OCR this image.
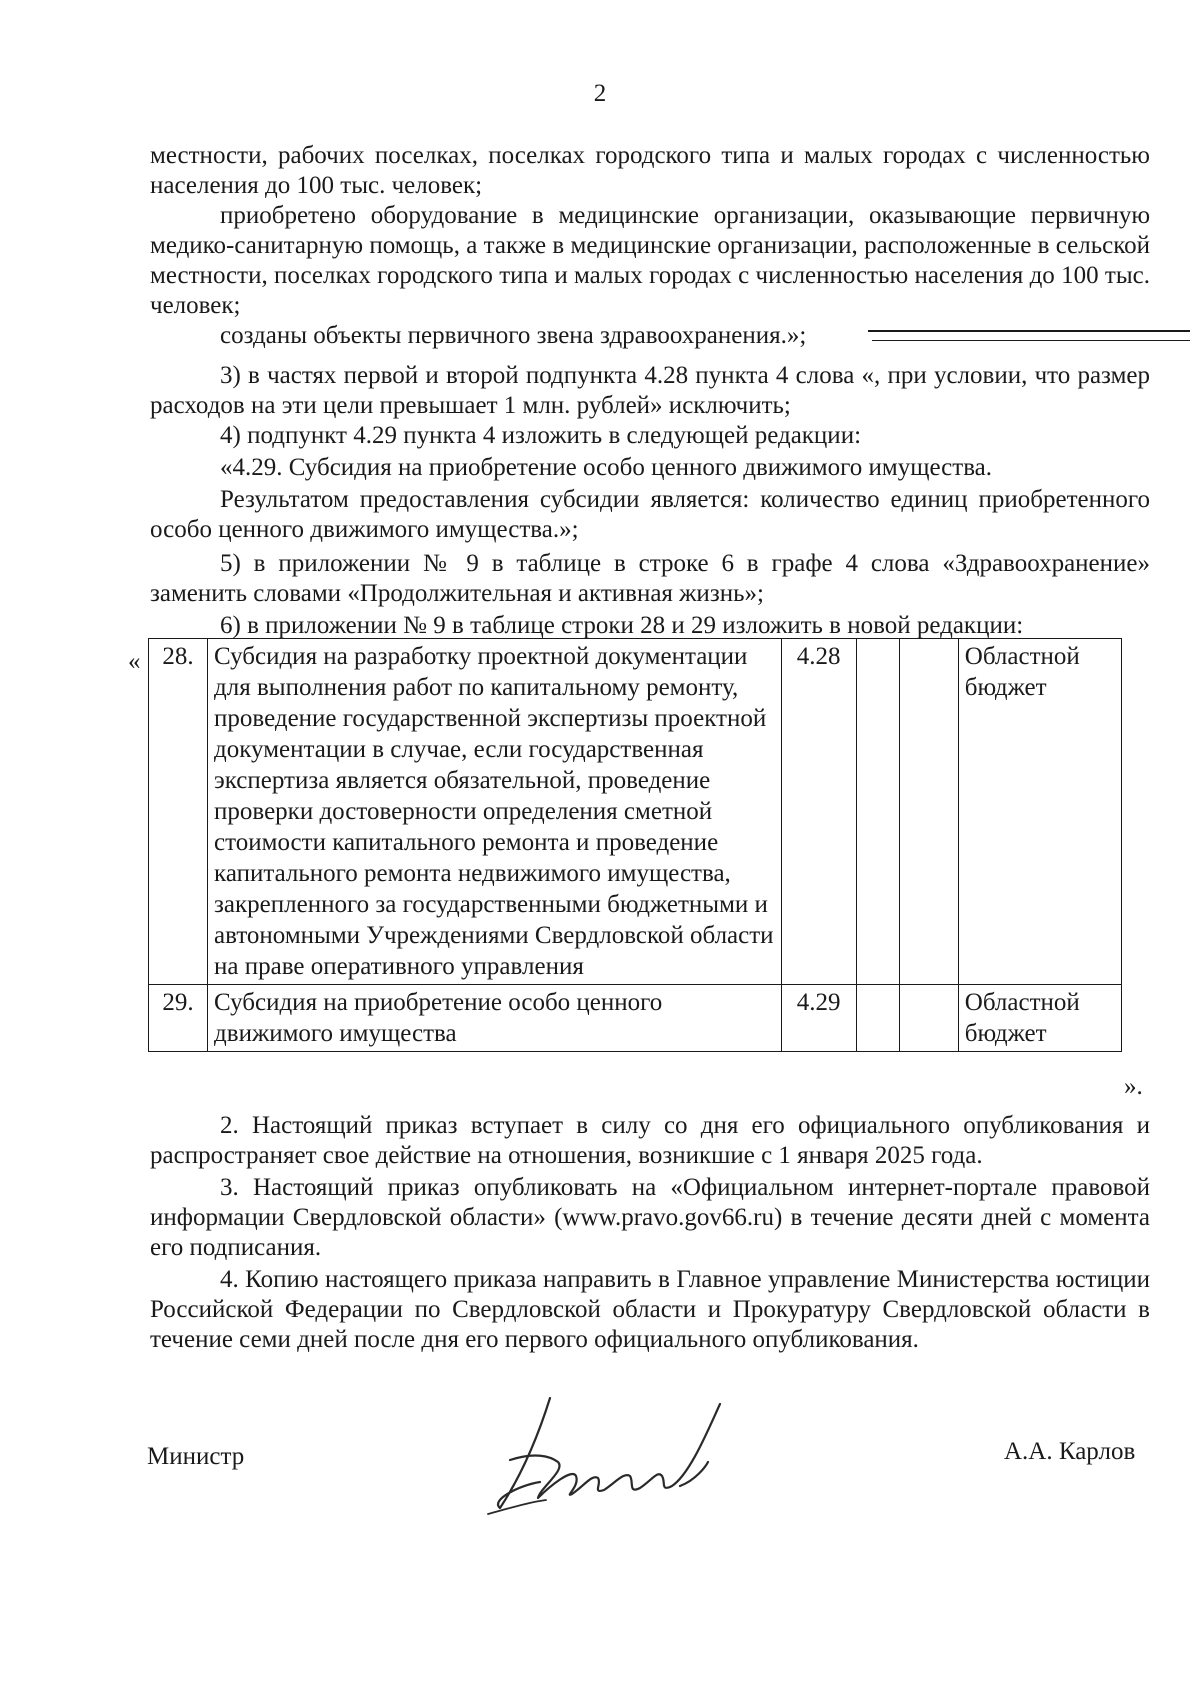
2

местности, рабочих поселках, поселках городского типа и малых городах с численностью населения до 100 тыс. человек;

приобретено оборудование в медицинские организации, оказывающие первичную медико-санитарную помощь, а также в медицинские организации, расположенные в сельской местности, поселках городского типа и малых городах с численностью населения до 100 тыс. человек;

созданы объекты первичного звена здравоохранения.»;

3) в частях первой и второй подпункта 4.28 пункта 4 слова «, при условии, что размер расходов на эти цели превышает 1 млн. рублей» исключить;

4) подпункт 4.29 пункта 4 изложить в следующей редакции:

«4.29. Субсидия на приобретение особо ценного движимого имущества.

Результатом предоставления субсидии является: количество единиц приобретенного особо ценного движимого имущества.»;

5) в приложении № 9 в таблице в строке 6 в графе 4 слова «Здравоохранение» заменить словами «Продолжительная и активная жизнь»;

6) в приложении № 9 в таблице строки 28 и 29 изложить в новой редакции:

« 28.	Субсидия на разработку проектной документации для выполнения работ по капитальному ремонту, проведение государственной экспертизы проектной документации в случае, если государственная экспертиза является обязательной, проведение проверки достоверности определения сметной стоимости капитального ремонта и проведение капитального ремонта недвижимого имущества, закрепленного за государственными бюджетными и автономными Учреждениями Свердловской области на праве оперативного управления	4.28			Областной бюджет
29.	Субсидия на приобретение особо ценного движимого имущества	4.29			Областной бюджет
».

2. Настоящий приказ вступает в силу со дня его официального опубликования и распространяет свое действие на отношения, возникшие с 1 января 2025 года.

3. Настоящий приказ опубликовать на «Официальном интернет-портале правовой информации Свердловской области» (www.pravo.gov66.ru) в течение десяти дней с момента его подписания.

4. Копию настоящего приказа направить в Главное управление Министерства юстиции Российской Федерации по Свердловской области и Прокуратуру Свердловской области в течение семи дней после дня его первого официального опубликования.

Министр	А.А. Карлов
